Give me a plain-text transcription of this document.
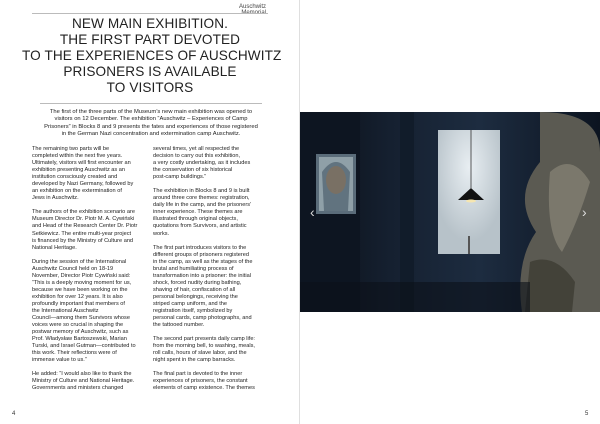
Auschwitz
NEW MAIN EXHIBITION.
THE FIRST PART DEVOTED
TO THE EXPERIENCES OF AUSCHWITZ
PRISONERS IS AVAILABLE
TO VISITORS
The first of the three parts of the Museum’s new main exhibition was opened to
visitors on 12 December. The exhibition “Auschwitz – Experiences of Camp
Prisoners” in Blocks 8 and 9 presents the fates and experiences of those registered
in the German Nazi concentration and extermination camp Auschwitz.
The remaining two parts will be
completed within the next five years.
Ultimately, visitors will first encounter an
exhibition presenting Auschwitz as an
institution consciously created and
developed by Nazi Germany, followed by
an exhibition on the extermination of
Jews in Auschwitz.
The authors of the exhibition scenario are
Museum Director Dr. Piotr M. A. Cywiński
and Head of the Research Center Dr. Piotr
Setkiewicz. The entire multi-year project
is financed by the Ministry of Culture and
National Heritage.
During the session of the International
Auschwitz Council held on 18-19
November, Director Piotr Cywiński said:
“This is a deeply moving moment for us,
because we have been working on the
exhibition for over 12 years. It is also
profoundly important that members of
the International Auschwitz
Council—among them Survivors whose
voices were so crucial in shaping the
postwar memory of Auschwitz, such as
Prof. Władysław Bartoszewski, Marian
Turski, and Israel Gutman—contributed to
this work. Their reflections were of
immense value to us.”
He added: “I would also like to thank the
Ministry of Culture and National Heritage.
Governments and ministers changed
several times, yet all respected the
decision to carry out this exhibition,
a very costly undertaking, as it includes
the conservation of six historical
post-camp buildings.”
The exhibition in Blocks 8 and 9 is built
around three core themes: registration,
daily life in the camp, and the prisoners’
inner experience. These themes are
illustrated through original objects,
quotations from Survivors, and artistic
works.
The first part introduces visitors to the
different groups of prisoners registered
in the camp, as well as the stages of the
brutal and humiliating process of
transformation into a prisoner: the initial
shock, forced nudity during bathing,
shaving of hair, confiscation of all
personal belongings, receiving the
striped camp uniform, and the
registration itself, symbolized by
personal cards, camp photographs, and
the tattooed number.
The second part presents daily camp life:
from the morning bell, to washing, meals,
roll calls, hours of slave labor, and the
night spent in the camp barracks.
The final part is devoted to the inner
experiences of prisoners, the constant
elements of camp existence. The themes
4
‹	›
5
